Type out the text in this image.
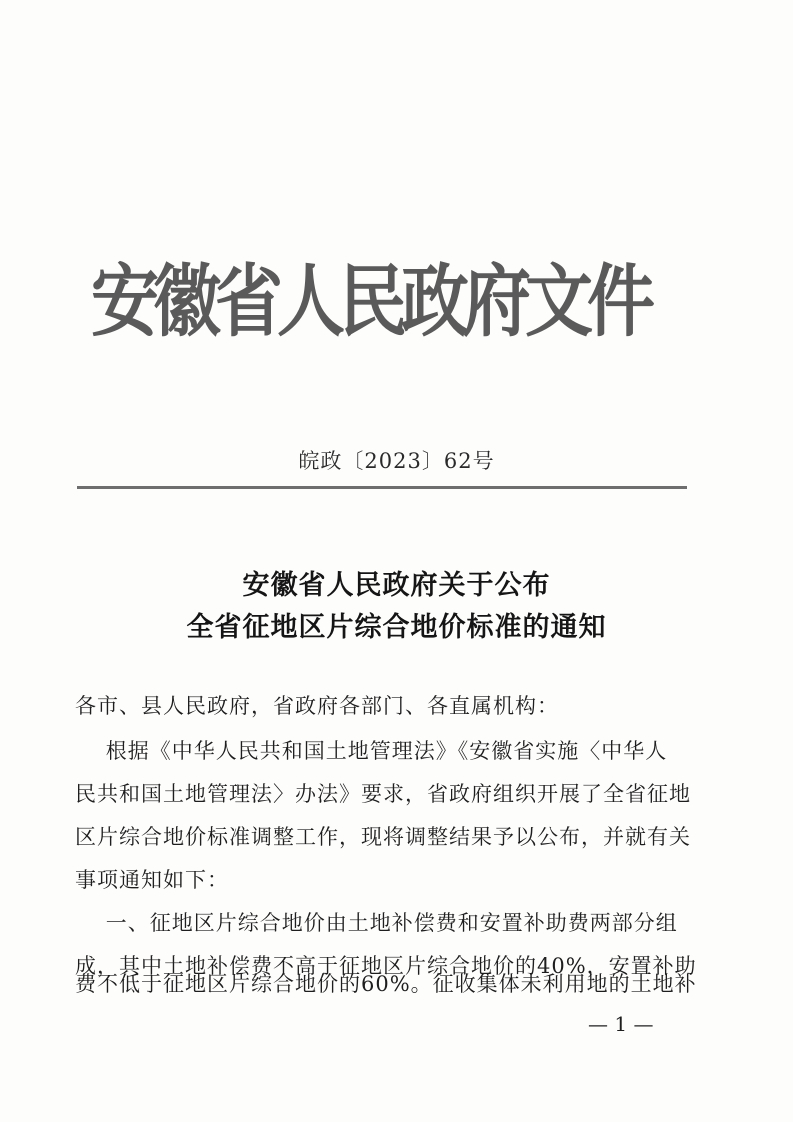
安徽省人民政府文件
皖政〔2023〕62号
安徽省人民政府关于公布
全省征地区片综合地价标准的通知
各市、县人民政府，省政府各部门、各直属机构：
根据《中华人民共和国土地管理法》《安徽省实施〈中华人
民共和国土地管理法〉办法》要求，省政府组织开展了全省征地
区片综合地价标准调整工作，现将调整结果予以公布，并就有关
事项通知如下：
一、征地区片综合地价由土地补偿费和安置补助费两部分组
成，其中土地补偿费不高于征地区片综合地价的40%，安置补助
费不低于征地区片综合地价的60%。征收集体未利用地的土地补
— 1 —
